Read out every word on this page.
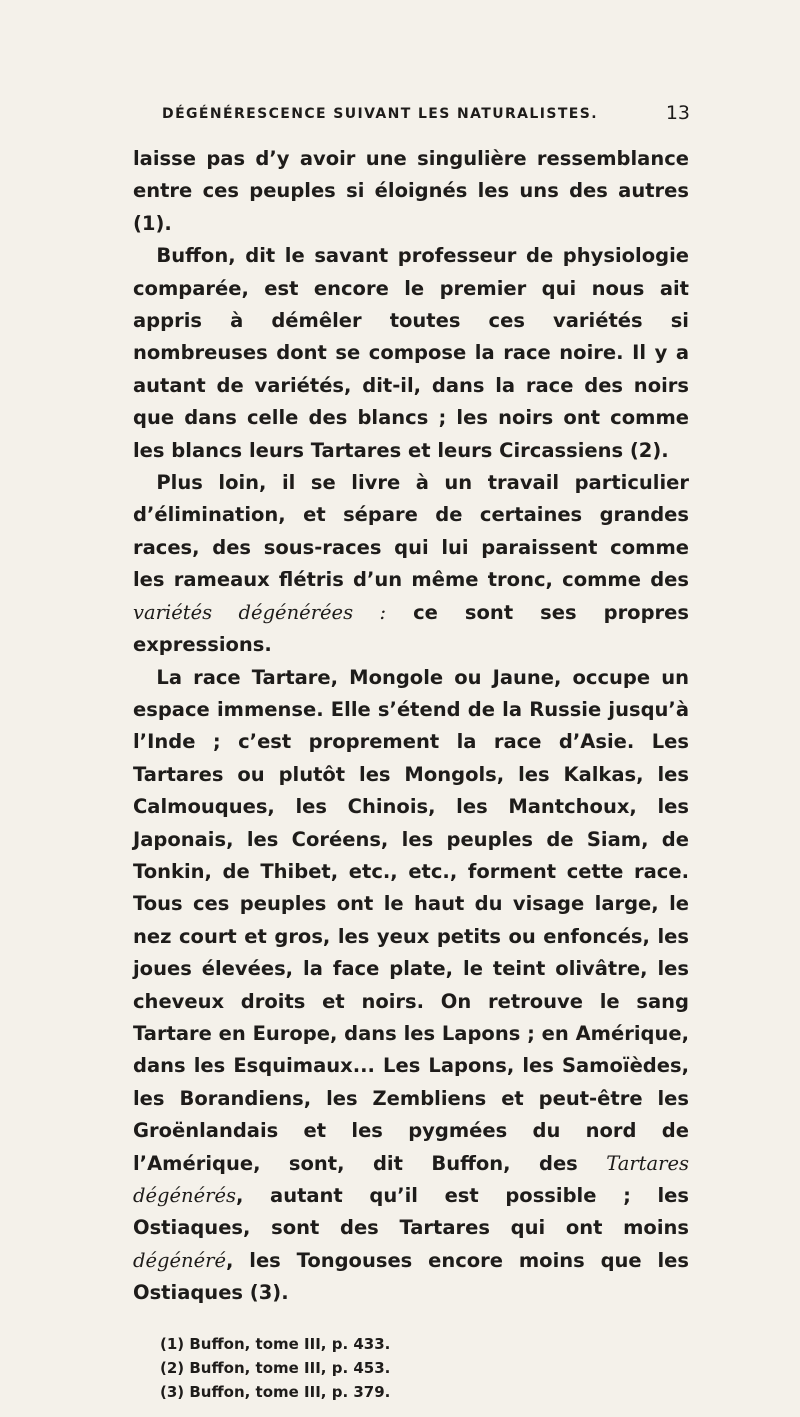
DÉGÉNÉRESCENCE SUIVANT LES NATURALISTES.	13

laisse pas d’y avoir une singulière ressemblance entre ces peuples si éloignés les uns des autres (1).

Buffon, dit le savant professeur de physiologie comparée, est encore le premier qui nous ait appris à démêler toutes ces variétés si nombreuses dont se compose la race noire. Il y a autant de variétés, dit-il, dans la race des noirs que dans celle des blancs ; les noirs ont comme les blancs leurs Tartares et leurs Circassiens (2).

Plus loin, il se livre à un travail particulier d’élimination, et sépare de certaines grandes races, des sous-races qui lui paraissent comme les rameaux flétris d’un même tronc, comme des variétés dégénérées : ce sont ses propres expressions.

La race Tartare, Mongole ou Jaune, occupe un espace immense. Elle s’étend de la Russie jusqu’à l’Inde ; c’est proprement la race d’Asie. Les Tartares ou plutôt les Mongols, les Kalkas, les Calmouques, les Chinois, les Mantchoux, les Japonais, les Coréens, les peuples de Siam, de Tonkin, de Thibet, etc., etc., forment cette race. Tous ces peuples ont le haut du visage large, le nez court et gros, les yeux petits ou enfoncés, les joues élevées, la face plate, le teint olivâtre, les cheveux droits et noirs. On retrouve le sang Tartare en Europe, dans les Lapons ; en Amérique, dans les Esquimaux... Les Lapons, les Samoïèdes, les Borandiens, les Zembliens et peut-être les Groënlandais et les pygmées du nord de l’Amérique, sont, dit Buffon, des Tartares dégénérés, autant qu’il est possible ; les Ostiaques, sont des Tartares qui ont moins dégénéré, les Tongouses encore moins que les Ostiaques (3).

(1) Buffon, tome III, p. 433.
(2) Buffon, tome III, p. 453.
(3) Buffon, tome III, p. 379.
